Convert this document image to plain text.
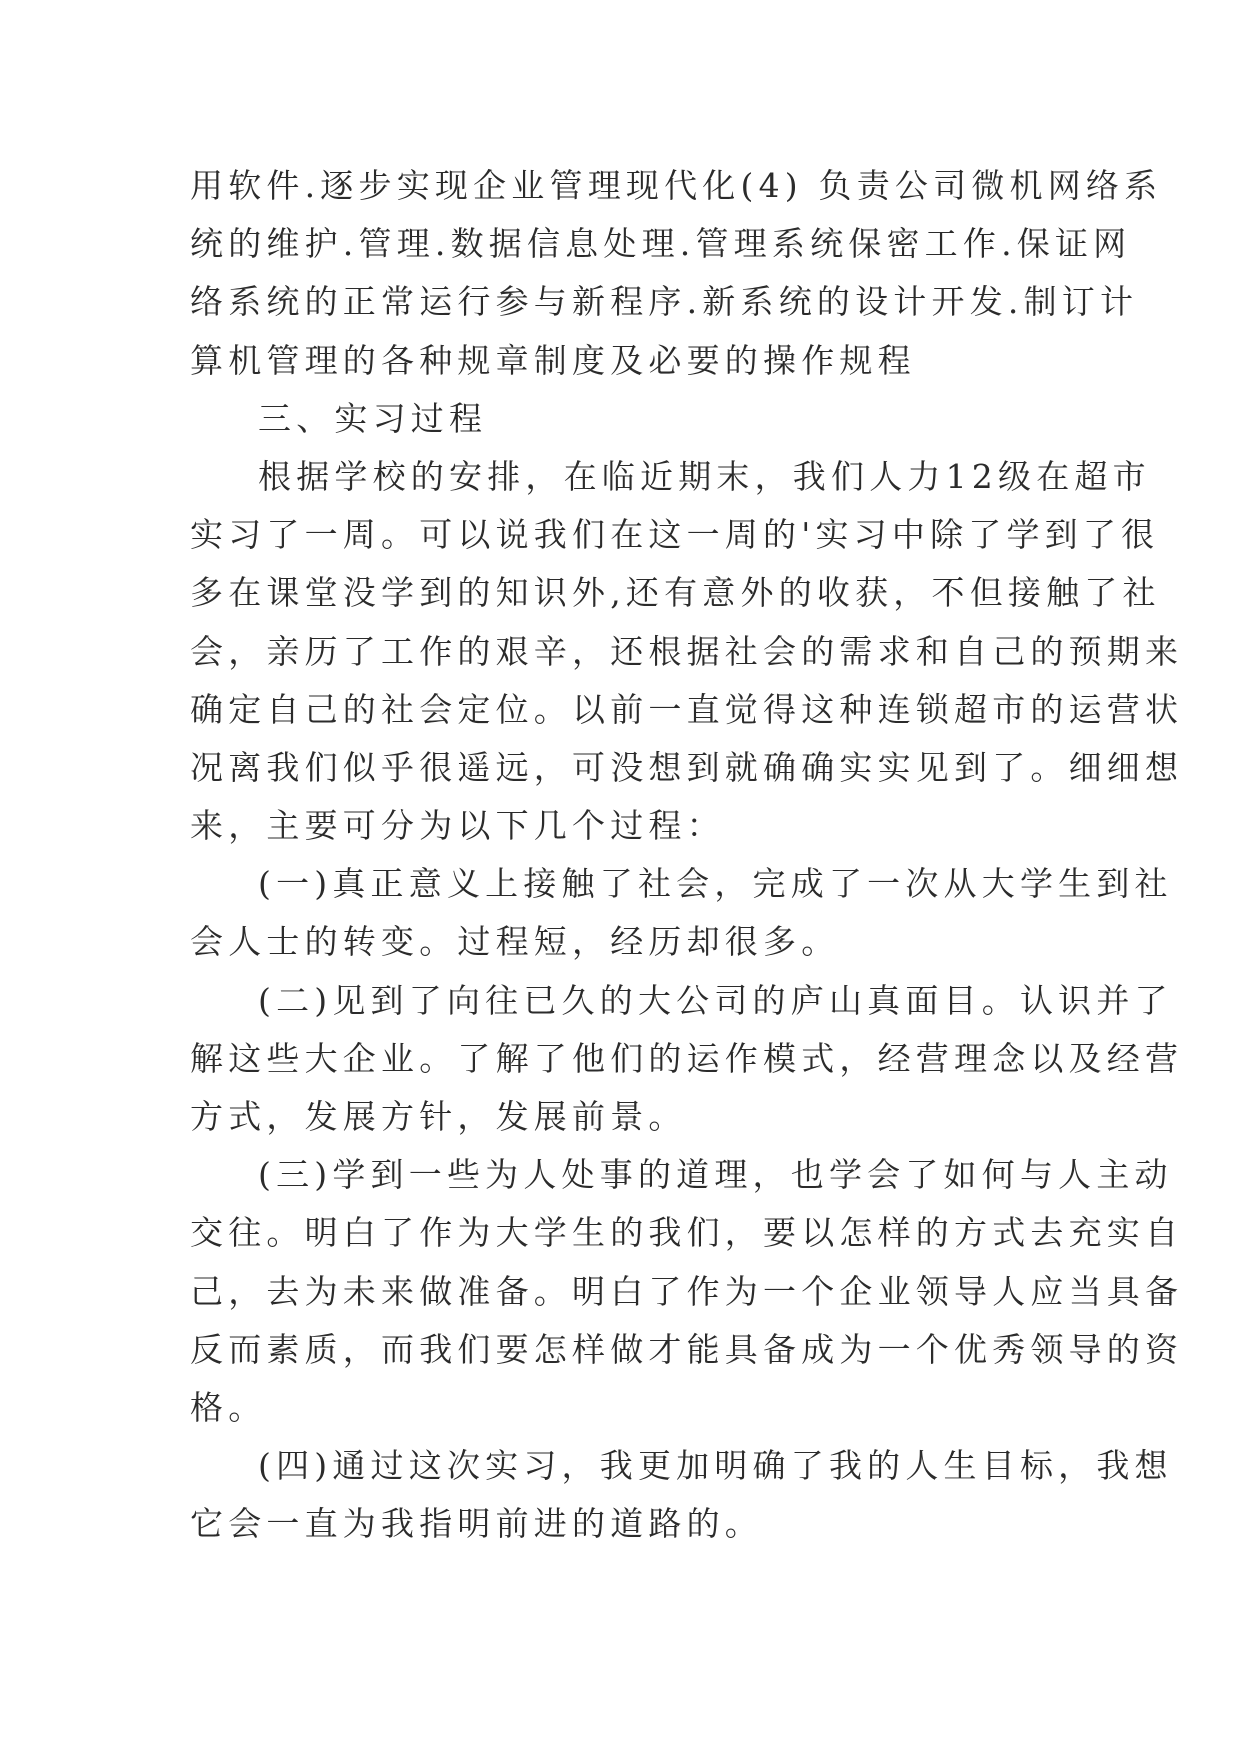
用软件.逐步实现企业管理现代化(4) 负责公司微机网络系
统的维护.管理.数据信息处理.管理系统保密工作.保证网
络系统的正常运行参与新程序.新系统的设计开发.制订计
算机管理的各种规章制度及必要的操作规程
三、实习过程
根据学校的安排，在临近期末，我们人力12级在超市
实习了一周。可以说我们在这一周的'实习中除了学到了很
多在课堂没学到的知识外,还有意外的收获，不但接触了社
会，亲历了工作的艰辛，还根据社会的需求和自己的预期来
确定自己的社会定位。以前一直觉得这种连锁超市的运营状
况离我们似乎很遥远，可没想到就确确实实见到了。细细想
来，主要可分为以下几个过程：
(一)真正意义上接触了社会，完成了一次从大学生到社
会人士的转变。过程短，经历却很多。
(二)见到了向往已久的大公司的庐山真面目。认识并了
解这些大企业。了解了他们的运作模式，经营理念以及经营
方式，发展方针，发展前景。
(三)学到一些为人处事的道理，也学会了如何与人主动
交往。明白了作为大学生的我们，要以怎样的方式去充实自
己，去为未来做准备。明白了作为一个企业领导人应当具备
反而素质，而我们要怎样做才能具备成为一个优秀领导的资
格。
(四)通过这次实习，我更加明确了我的人生目标，我想
它会一直为我指明前进的道路的。
